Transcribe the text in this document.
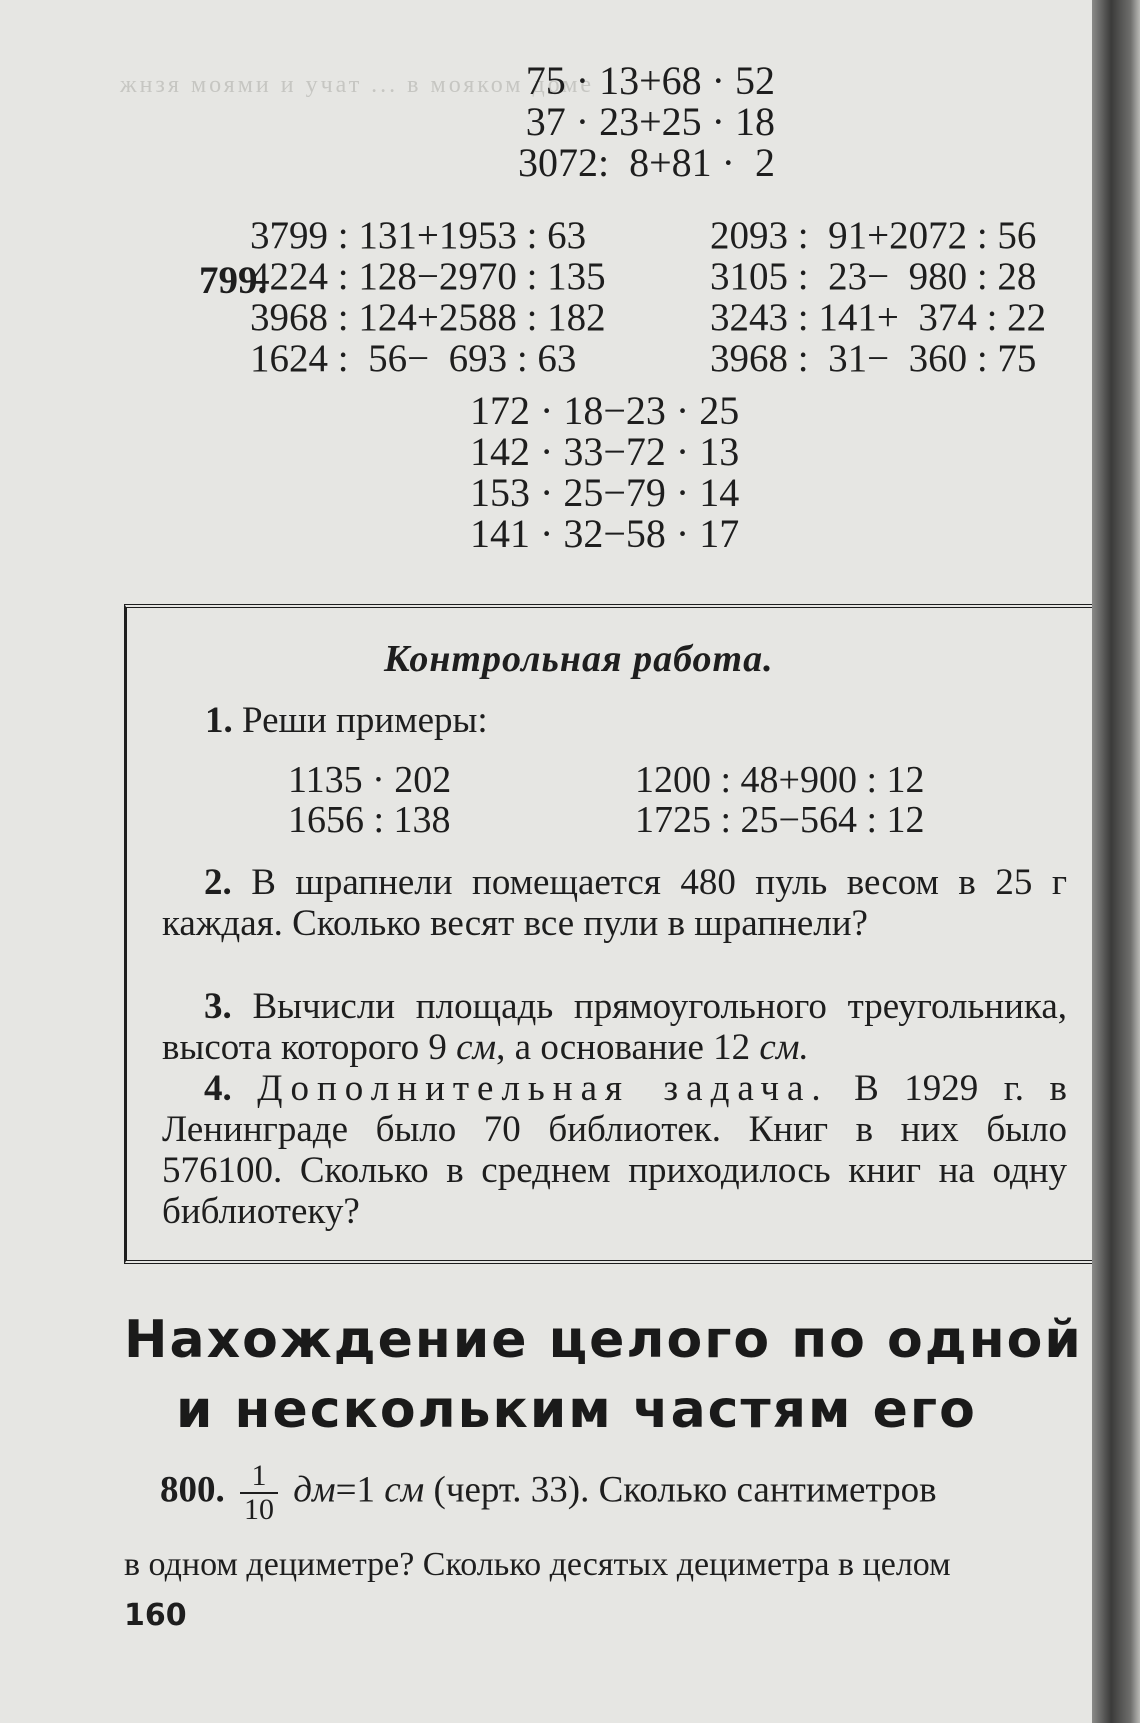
жнзя моями и учат ... в мояком доме
75 · 13+68 · 52
37 · 23+25 · 18
3072:  8+81 ·  2

799.

3799 : 131+1953 : 63	2093 :  91+2072 : 56
4224 : 128−2970 : 135	3105 :  23−  980 : 28
3968 : 124+2588 : 182	3243 : 141+  374 : 22
1624 :  56−  693 : 63	3968 :  31−  360 : 75
172 · 18−23 · 25
142 · 33−72 · 13
153 · 25−79 · 14
141 · 32−58 · 17
Контрольная работа.
1. Реши примеры:
1135 · 202	1200 : 48+900 : 12
1656 : 138	1725 : 25−564 : 12
2. В шрапнели помещается 480 пуль весом в 25 г каждая. Сколько весят все пули в шрапнели?
3. Вычисли площадь прямоугольного треугольника, высота которого 9 см, а основание 12 см.
4. Дополнительная задача. В 1929 г. в Ленинграде было 70 библиотек. Книг в них было 576100. Сколько в среднем приходилось книг на одну библиотеку?
Нахождение целого по одной
и нескольким частям его
800. $\frac{1}{10} дм=1$ см (черт. 33). Сколько сантиметров
в одном дециметре? Сколько десятых дециметра в целом
160
